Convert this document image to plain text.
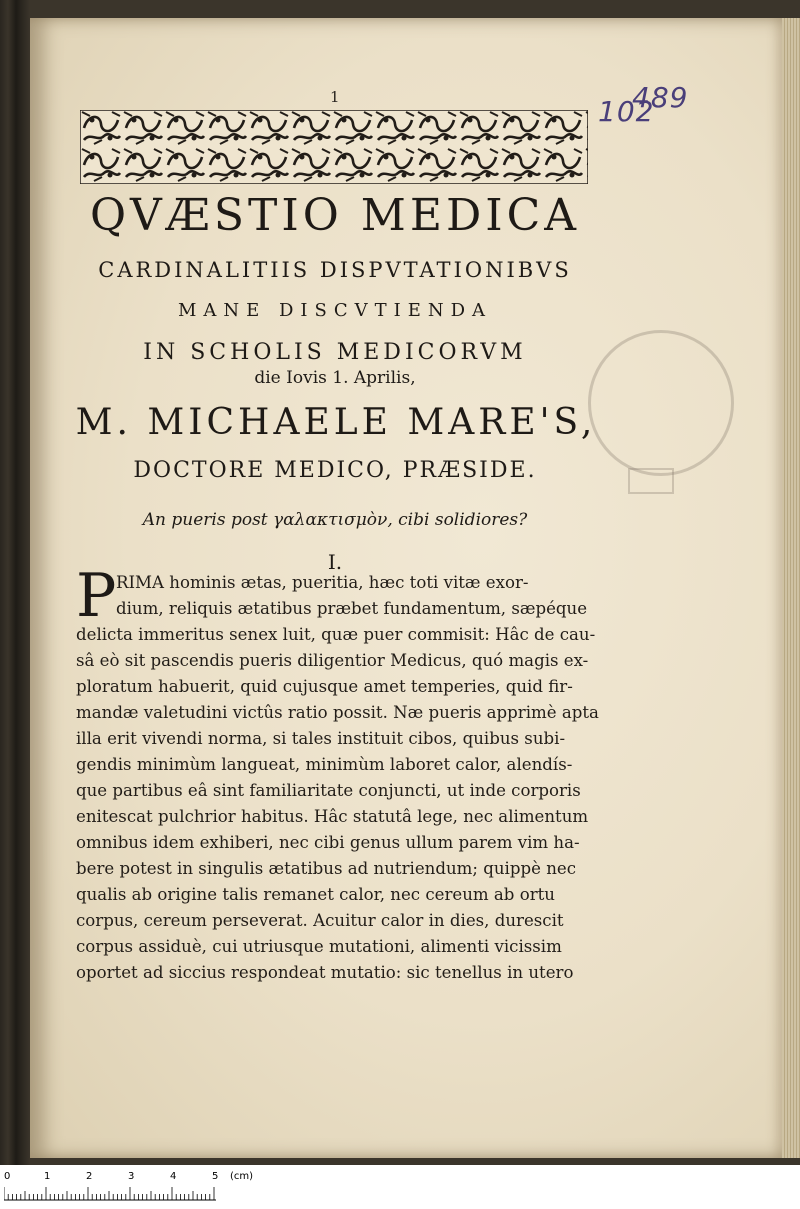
1	102
489
QVÆSTIO MEDICA
CARDINALITIIS DISPVTATIONIBVS
MANE DISCVTIENDA
IN SCHOLIS MEDICORVM
die Iovis 1. Aprilis,
M. MICHAELE MARE'S,
DOCTORE MEDICO, PRÆSIDE.
An pueris post γαλακτισμὸν, cibi solidiores?
I.
P RIMA hominis ætas, pueritia, hæc toti vitæ exor-
dium, reliquis ætatibus præbet fundamentum, sæpéque
delicta immeritus senex luit, quæ puer commisit: Hâc de cau-
sâ eò sit pascendis pueris diligentior Medicus, quó magis ex-
ploratum habuerit, quid cujusque amet temperies, quid fir-
mandæ valetudini victûs ratio possit. Næ pueris apprimè apta
illa erit vivendi norma, si tales instituit cibos, quibus subi-
gendis minimùm langueat, minimùm laboret calor, alendís-
que partibus eâ sint familiaritate conjuncti, ut inde corporis
enitescat pulchrior habitus. Hâc statutâ lege, nec alimentum
omnibus idem exhiberi, nec cibi genus ullum parem vim ha-
bere potest in singulis ætatibus ad nutriendum; quippè nec
qualis ab origine talis remanet calor, nec cereum ab ortu
corpus, cereum perseverat. Acuitur calor in dies, durescit
corpus assiduè, cui utriusque mutationi, alimenti vicissim
oportet ad siccius respondeat mutatio: sic tenellus in utero
0	1	2	3	4	5 (cm)
